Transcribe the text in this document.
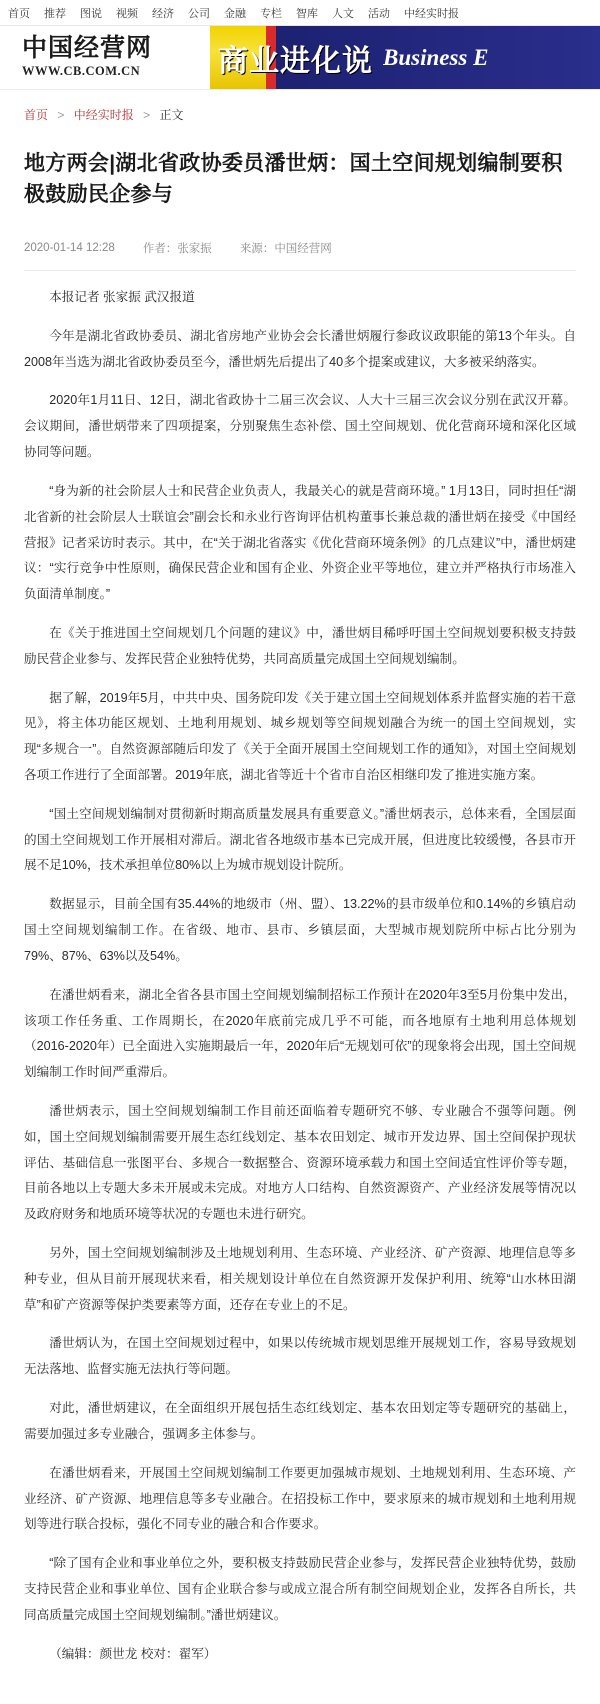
首页 推荐 图说 视频 经济 公司 金融 专栏 智库 人文 活动 中经实时报
中国经营网
WWW.CB.COM.CN	商业进化说 Business E
首页 > 中经实时报 > 正文
地方两会|湖北省政协委员潘世炳：国土空间规划编制要积极鼓励民企参与
2020-01-14 12:28 作者：张家振 来源：中国经营网

本报记者 张家振 武汉报道

今年是湖北省政协委员、湖北省房地产业协会会长潘世炳履行参政议政职能的第13个年头。自2008年当选为湖北省政协委员至今，潘世炳先后提出了40多个提案或建议，大多被采纳落实。

2020年1月11日、12日，湖北省政协十二届三次会议、人大十三届三次会议分别在武汉开幕。会议期间，潘世炳带来了四项提案，分别聚焦生态补偿、国土空间规划、优化营商环境和深化区域协同等问题。

“身为新的社会阶层人士和民营企业负责人，我最关心的就是营商环境。” 1月13日，同时担任“湖北省新的社会阶层人士联谊会”副会长和永业行咨询评估机构董事长兼总裁的潘世炳在接受《中国经营报》记者采访时表示。其中，在“关于湖北省落实《优化营商环境条例》的几点建议”中，潘世炳建议：“实行竞争中性原则，确保民营企业和国有企业、外资企业平等地位，建立并严格执行市场准入负面清单制度。”

在《关于推进国土空间规划几个问题的建议》中，潘世炳目稀呼吁国土空间规划要积极支持鼓励民营企业参与、发挥民营企业独特优势，共同高质量完成国土空间规划编制。

据了解，2019年5月，中共中央、国务院印发《关于建立国土空间规划体系并监督实施的若干意见》，将主体功能区规划、土地利用规划、城乡规划等空间规划融合为统一的国土空间规划，实现“多规合一”。自然资源部随后印发了《关于全面开展国土空间规划工作的通知》，对国土空间规划各项工作进行了全面部署。2019年底，湖北省等近十个省市自治区相继印发了推进实施方案。

“国土空间规划编制对贯彻新时期高质量发展具有重要意义。”潘世炳表示，总体来看，全国层面的国土空间规划工作开展相对滞后。湖北省各地级市基本已完成开展，但进度比较缓慢，各县市开展不足10%，技术承担单位80%以上为城市规划设计院所。

数据显示，目前全国有35.44%的地级市（州、盟）、13.22%的县市级单位和0.14%的乡镇启动国土空间规划编制工作。在省级、地市、县市、乡镇层面，大型城市规划院所中标占比分别为79%、87%、63%以及54%。

在潘世炳看来，湖北全省各县市国土空间规划编制招标工作预计在2020年3至5月份集中发出，该项工作任务重、工作周期长，在2020年底前完成几乎不可能，而各地原有土地利用总体规划（2016-2020年）已全面进入实施期最后一年，2020年后“无规划可依”的现象将会出现，国土空间规划编制工作时间严重滞后。

潘世炳表示，国土空间规划编制工作目前还面临着专题研究不够、专业融合不强等问题。例如，国土空间规划编制需要开展生态红线划定、基本农田划定、城市开发边界、国土空间保护现状评估、基础信息一张图平台、多规合一数据整合、资源环境承载力和国土空间适宜性评价等专题，目前各地以上专题大多未开展或未完成。对地方人口结构、自然资源资产、产业经济发展等情况以及政府财务和地质环境等状况的专题也未进行研究。

另外，国土空间规划编制涉及土地规划利用、生态环境、产业经济、矿产资源、地理信息等多种专业，但从目前开展现状来看，相关规划设计单位在自然资源开发保护利用、统筹“山水林田湖草”和矿产资源等保护类要素等方面，还存在专业上的不足。

潘世炳认为，在国土空间规划过程中，如果以传统城市规划思维开展规划工作，容易导致规划无法落地、监督实施无法执行等问题。

对此，潘世炳建议，在全面组织开展包括生态红线划定、基本农田划定等专题研究的基础上，需要加强过多专业融合，强调多主体参与。

在潘世炳看来，开展国土空间规划编制工作要更加强城市规划、土地规划利用、生态环境、产业经济、矿产资源、地理信息等多专业融合。在招投标工作中，要求原来的城市规划和土地利用规划等进行联合投标，强化不同专业的融合和合作要求。

“除了国有企业和事业单位之外，要积极支持鼓励民营企业参与，发挥民营企业独特优势，鼓励支持民营企业和事业单位、国有企业联合参与或成立混合所有制空间规划企业，发挥各自所长，共同高质量完成国土空间规划编制。”潘世炳建议。

（编辑：颜世龙 校对：翟军）
